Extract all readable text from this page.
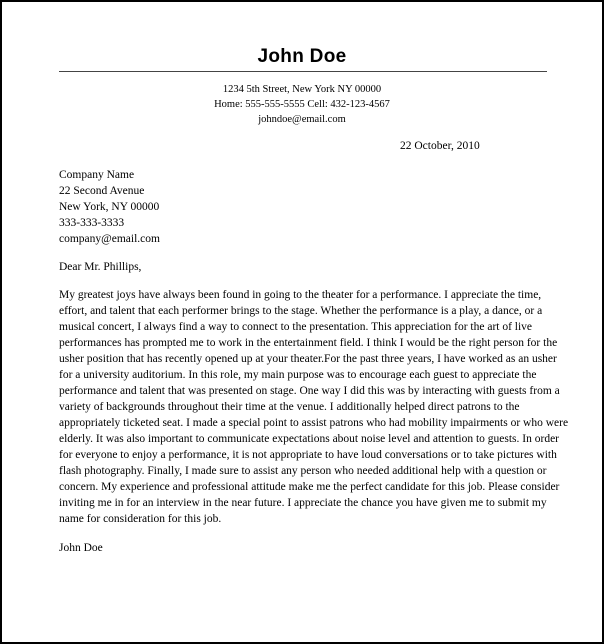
John Doe
1234 5th Street, New York NY 00000
Home: 555-555-5555 Cell: 432-123-4567
johndoe@email.com
22 October, 2010
Company Name
22 Second Avenue
New York, NY 00000
333-333-3333
company@email.com
Dear Mr. Phillips,
My greatest joys have always been found in going to the theater for a performance. I appreciate the time,
effort, and talent that each performer brings to the stage. Whether the performance is a play, a dance, or a
musical concert, I always find a way to connect to the presentation. This appreciation for the art of live
performances has prompted me to work in the entertainment field. I think I would be the right person for the
usher position that has recently opened up at your theater.For the past three years, I have worked as an usher
for a university auditorium. In this role, my main purpose was to encourage each guest to appreciate the
performance and talent that was presented on stage. One way I did this was by interacting with guests from a
variety of backgrounds throughout their time at the venue. I additionally helped direct patrons to the
appropriately ticketed seat. I made a special point to assist patrons who had mobility impairments or who were
elderly. It was also important to communicate expectations about noise level and attention to guests. In order
for everyone to enjoy a performance, it is not appropriate to have loud conversations or to take pictures with
flash photography. Finally, I made sure to assist any person who needed additional help with a question or
concern. My experience and professional attitude make me the perfect candidate for this job. Please consider
inviting me in for an interview in the near future. I appreciate the chance you have given me to submit my
name for consideration for this job.
John Doe
